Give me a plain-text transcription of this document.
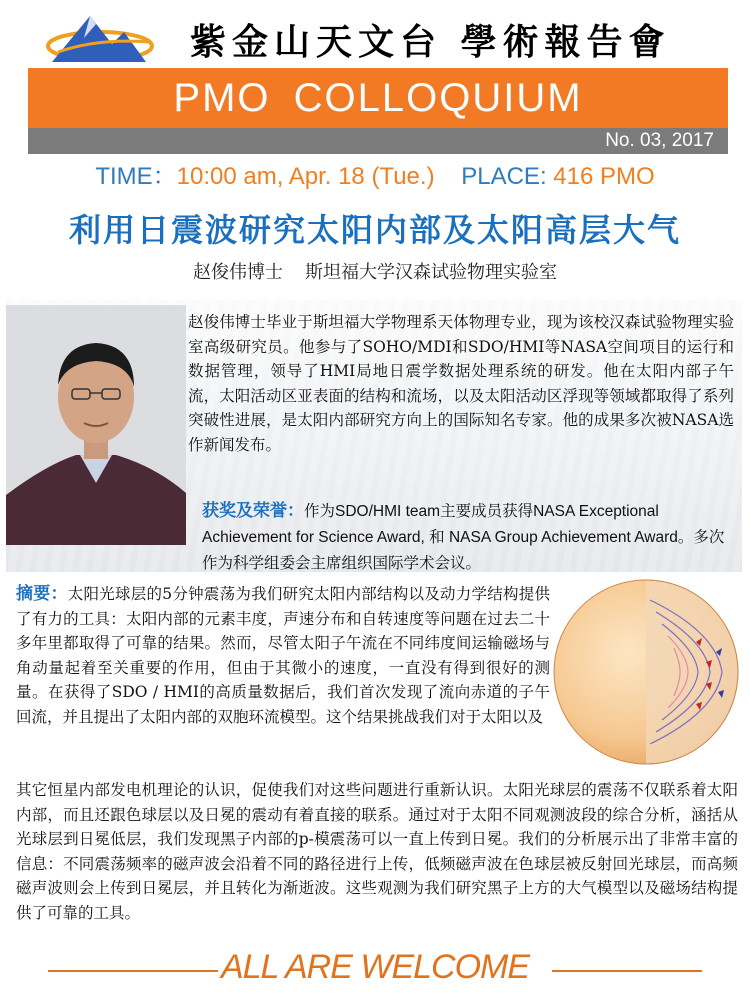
紫金山天文台 學術報告會
PMO COLLOQUIUM
No. 03, 2017
TIME：10:00 am, Apr. 18 (Tue.) PLACE: 416 PMO
利用日震波研究太阳内部及太阳高层大气
赵俊伟博士 斯坦福大学汉森试验物理实验室
赵俊伟博士毕业于斯坦福大学物理系天体物理专业，现为该校汉森试验物理实验室高级研究员。他参与了SOHO/MDI和SDO/HMI等NASA空间项目的运行和数据管理，领导了HMI局地日震学数据处理系统的研发。他在太阳内部子午流，太阳活动区亚表面的结构和流场，以及太阳活动区浮现等领域都取得了系列突破性进展，是太阳内部研究方向上的国际知名专家。他的成果多次被NASA选作新闻发布。
获奖及荣誉：作为SDO/HMI team主要成员获得NASA Exceptional Achievement for Science Award, 和 NASA Group Achievement Award。多次作为科学组委会主席组织国际学术会议。

摘要：太阳光球层的5分钟震荡为我们研究太阳内部结构以及动力学结构提供了有力的工具：太阳内部的元素丰度，声速分布和自转速度等问题在过去二十多年里都取得了可靠的结果。然而，尽管太阳子午流在不同纬度间运输磁场与角动量起着至关重要的作用，但由于其微小的速度，一直没有得到很好的测量。在获得了SDO / HMI的高质量数据后，我们首次发现了流向赤道的子午回流，并且提出了太阳内部的双胞环流模型。这个结果挑战我们对于太阳以及

其它恒星内部发电机理论的认识，促使我们对这些问题进行重新认识。太阳光球层的震荡不仅联系着太阳内部，而且还跟色球层以及日冕的震动有着直接的联系。通过对于太阳不同观测波段的综合分析，涵括从光球层到日冕低层，我们发现黑子内部的p-模震荡可以一直上传到日冕。我们的分析展示出了非常丰富的信息：不同震荡频率的磁声波会沿着不同的路径进行上传，低频磁声波在色球层被反射回光球层，而高频磁声波则会上传到日冕层，并且转化为渐逝波。这些观测为我们研究黑子上方的大气模型以及磁场结构提供了可靠的工具。
ALL ARE WELCOME
